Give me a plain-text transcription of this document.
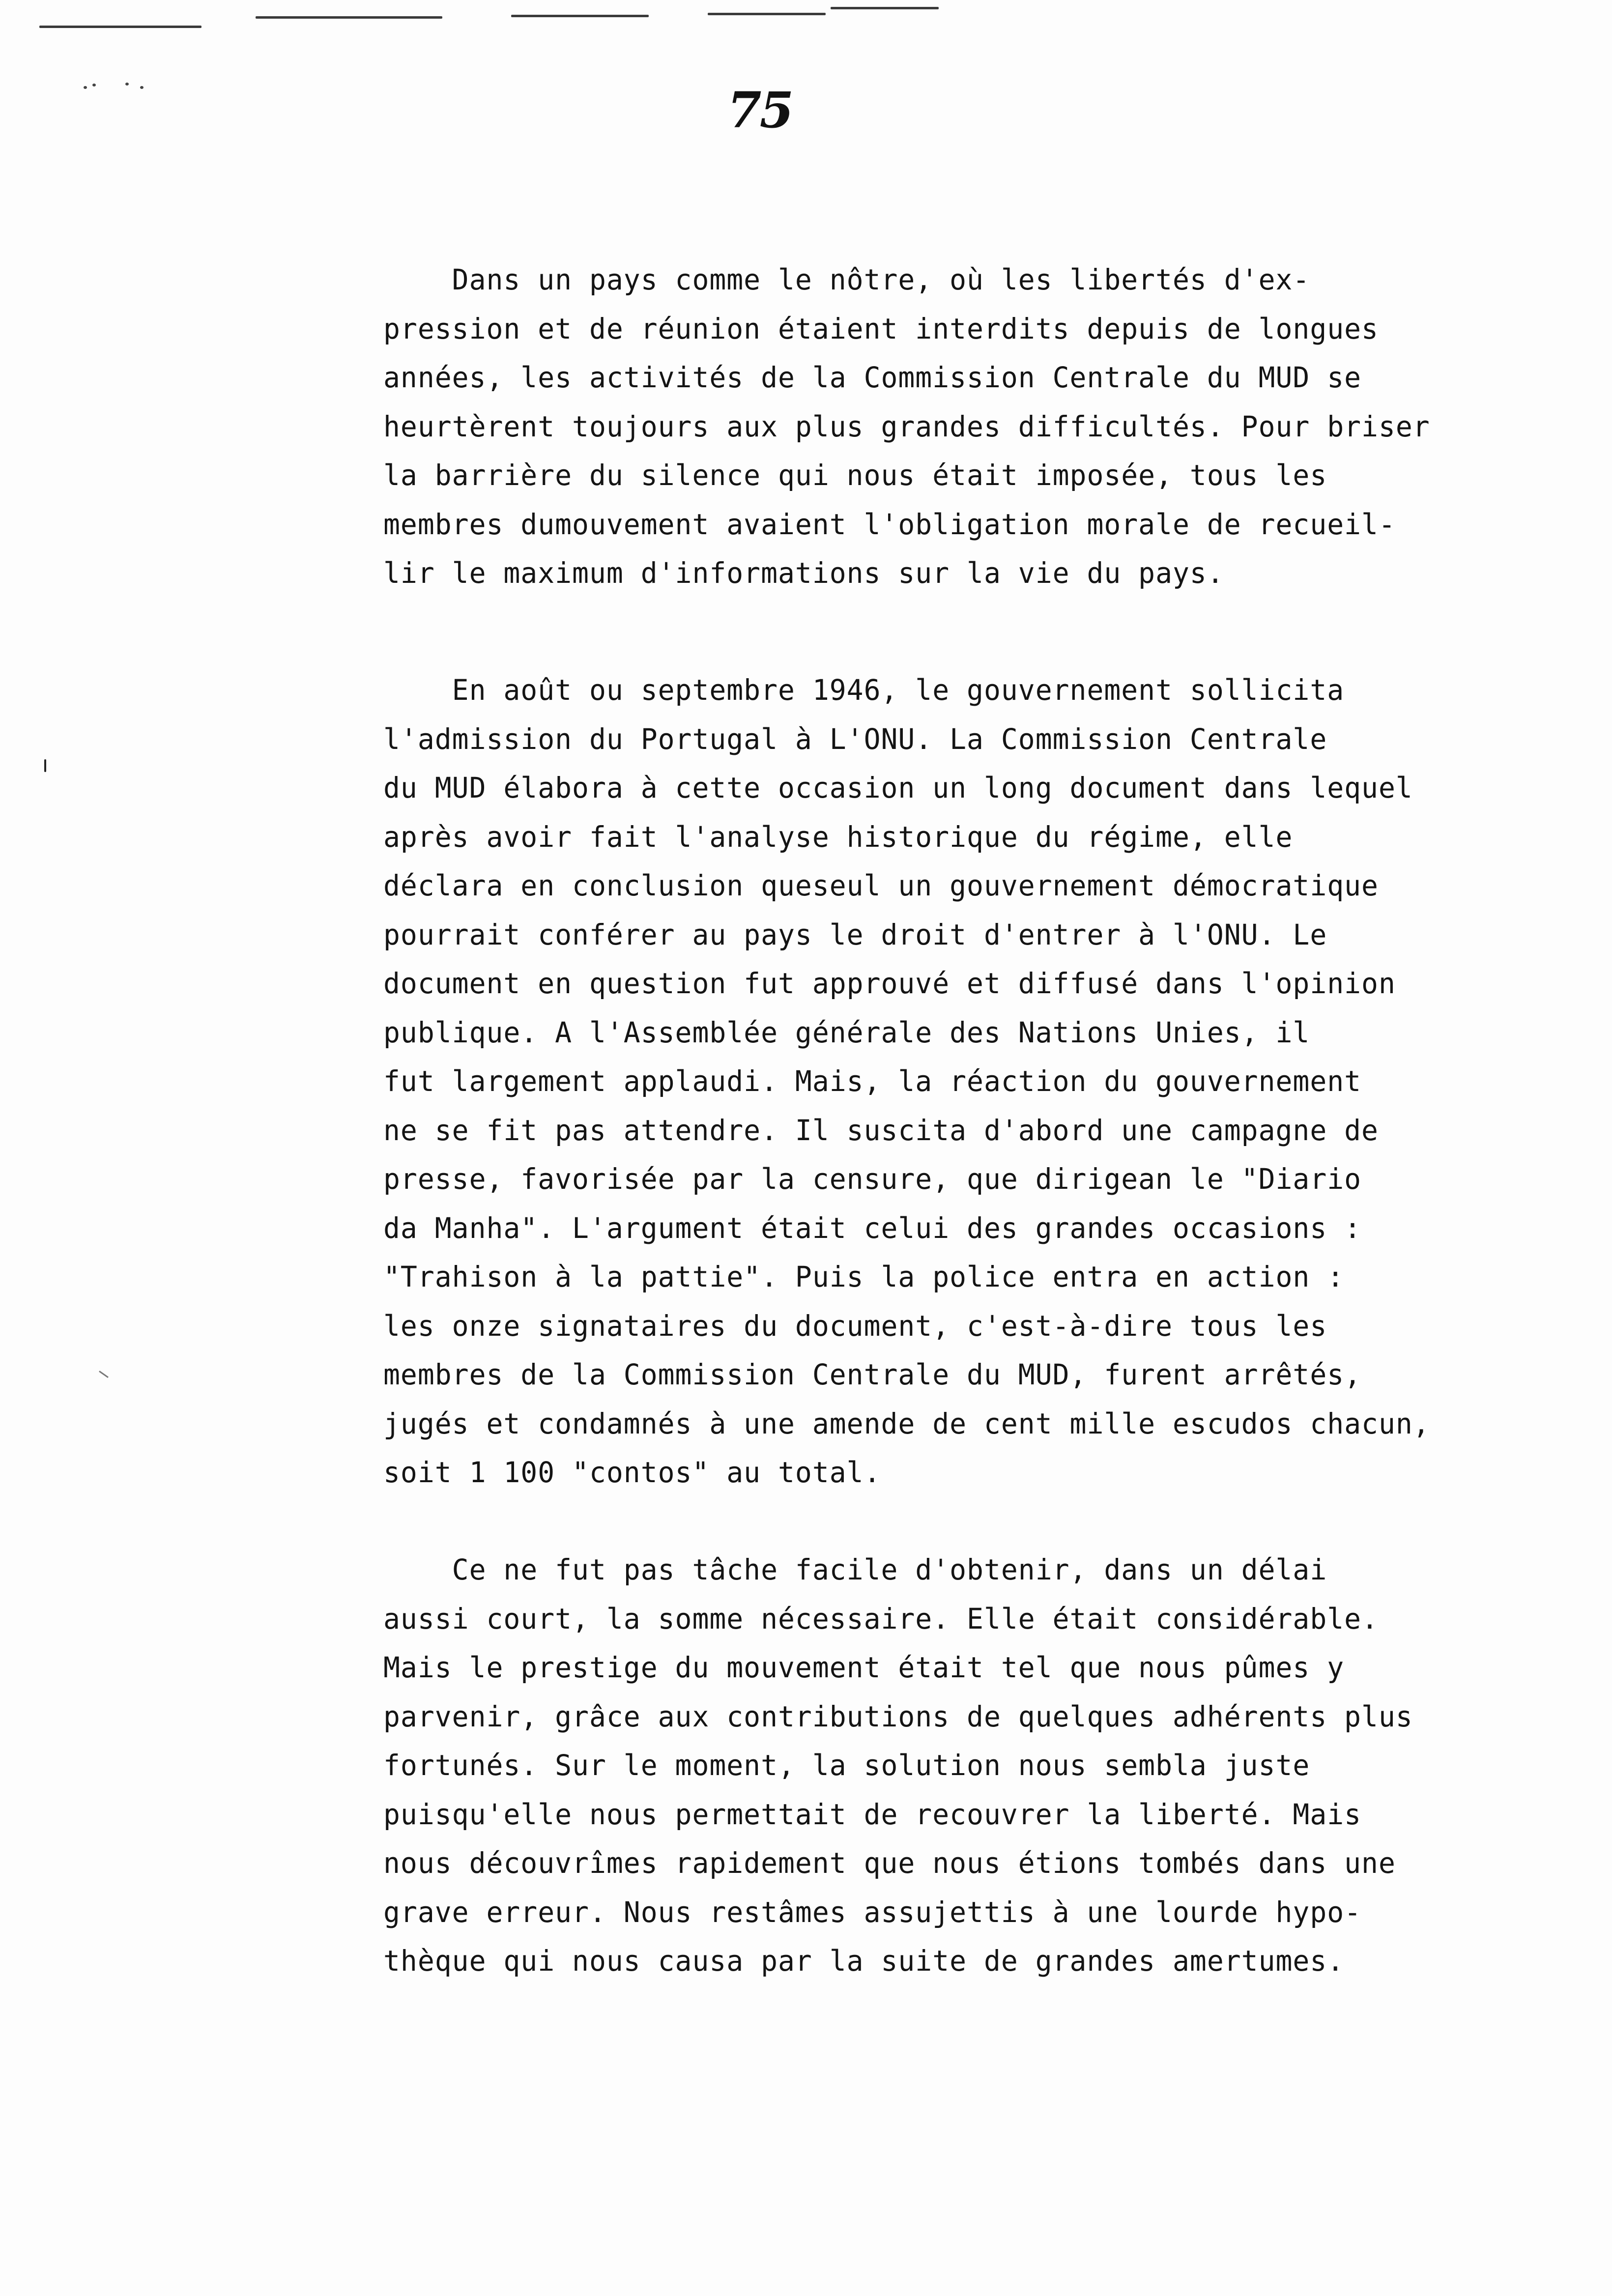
75
Dans un pays comme le nôtre, où les libertés d'ex-
pression et de réunion étaient interdits depuis de longues
années, les activités de la Commission Centrale du MUD se
heurtèrent toujours aux plus grandes difficultés. Pour briser
la barrière du silence qui nous était imposée, tous les
membres dumouvement avaient l'obligation morale de recueil-
lir le maximum d'informations sur la vie du pays.
En août ou septembre 1946, le gouvernement sollicita
l'admission du Portugal à L'ONU. La Commission Centrale
du MUD élabora à cette occasion un long document dans lequel
après avoir fait l'analyse historique du régime, elle
déclara en conclusion queseul un gouvernement démocratique
pourrait conférer au pays le droit d'entrer à l'ONU. Le
document en question fut approuvé et diffusé dans l'opinion
publique. A l'Assemblée générale des Nations Unies, il
fut largement applaudi. Mais, la réaction du gouvernement
ne se fit pas attendre. Il suscita d'abord une campagne de
presse, favorisée par la censure, que dirigean le "Diario
da Manha". L'argument était celui des grandes occasions :
"Trahison à la pattie". Puis la police entra en action :
les onze signataires du document, c'est-à-dire tous les
membres de la Commission Centrale du MUD, furent arrêtés,
jugés et condamnés à une amende de cent mille escudos chacun,
soit 1 100 "contos" au total.
Ce ne fut pas tâche facile d'obtenir, dans un délai
aussi court, la somme nécessaire. Elle était considérable.
Mais le prestige du mouvement était tel que nous pûmes y
parvenir, grâce aux contributions de quelques adhérents plus
fortunés. Sur le moment, la solution nous sembla juste
puisqu'elle nous permettait de recouvrer la liberté. Mais
nous découvrîmes rapidement que nous étions tombés dans une
grave erreur. Nous restâmes assujettis à une lourde hypo-
thèque qui nous causa par la suite de grandes amertumes.
